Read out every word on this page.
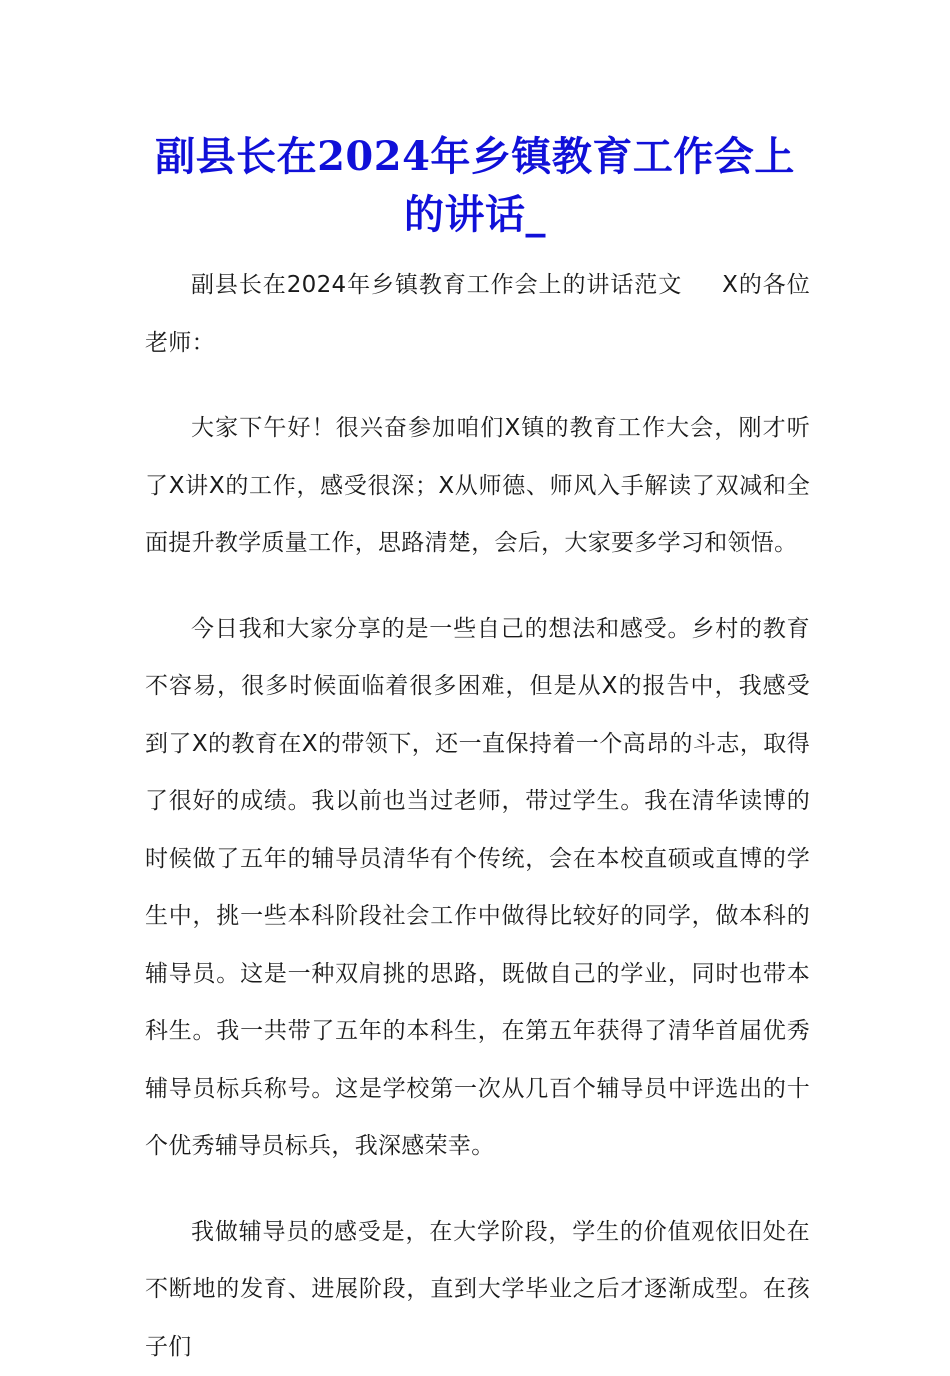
副县长在2024年乡镇教育工作会上
的讲话_

副县长在2024年乡镇教育工作会上的讲话范文 X的各位老师：

大家下午好！很兴奋参加咱们X镇的教育工作大会，刚才听了X讲X的工作，感受很深；X从师德、师风入手解读了双减和全面提升教学质量工作，思路清楚，会后，大家要多学习和领悟。

今日我和大家分享的是一些自己的想法和感受。乡村的教育不容易，很多时候面临着很多困难，但是从X的报告中，我感受到了X的教育在X的带领下，还一直保持着一个高昂的斗志，取得了很好的成绩。我以前也当过老师，带过学生。我在清华读博的时候做了五年的辅导员清华有个传统，会在本校直硕或直博的学生中，挑一些本科阶段社会工作中做得比较好的同学，做本科的辅导员。这是一种双肩挑的思路，既做自己的学业，同时也带本科生。我一共带了五年的本科生，在第五年获得了清华首届优秀辅导员标兵称号。这是学校第一次从几百个辅导员中评选出的十个优秀辅导员标兵，我深感荣幸。

我做辅导员的感受是，在大学阶段，学生的价值观依旧处在不断地的发育、进展阶段，直到大学毕业之后才逐渐成型。在孩子们
